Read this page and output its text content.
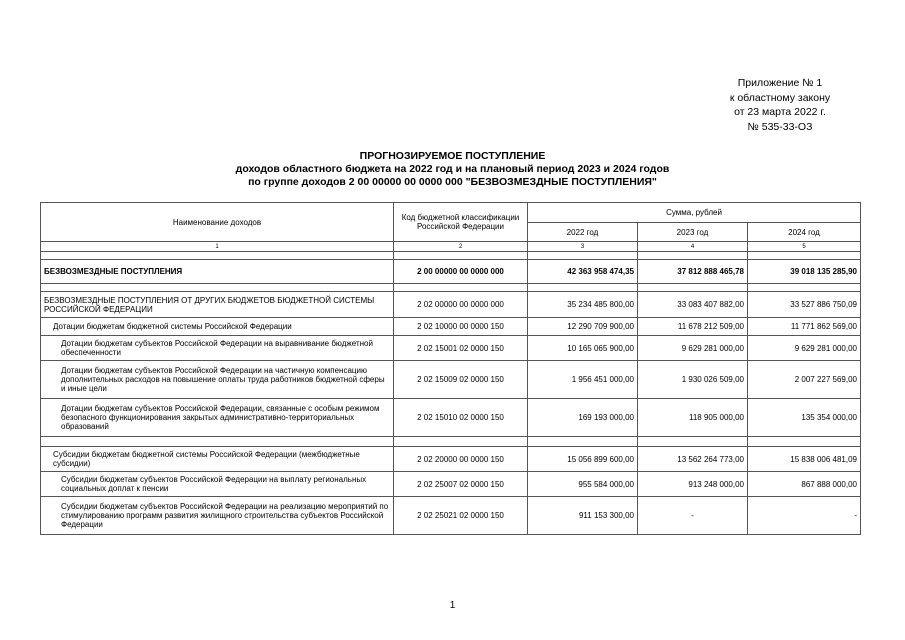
Приложение № 1
к областному закону
от 23 марта 2022 г.
№ 535-33-ОЗ
ПРОГНОЗИРУЕМОЕ ПОСТУПЛЕНИЕ
доходов областного бюджета на 2022 год и на плановый период 2023 и 2024 годов
по группе доходов 2 00 00000 00 0000 000 "БЕЗВОЗМЕЗДНЫЕ ПОСТУПЛЕНИЯ"
Наименование доходов	Код бюджетной классификации Российской Федерации	Сумма, рублей		
		2022 год	2023 год	2024 год
1	2	3	4	5

БЕЗВОЗМЕЗДНЫЕ ПОСТУПЛЕНИЯ	2 00 00000 00 0000 000	42 363 958 474,35	37 812 888 465,78	39 018 135 285,90

БЕЗВОЗМЕЗДНЫЕ ПОСТУПЛЕНИЯ ОТ ДРУГИХ БЮДЖЕТОВ БЮДЖЕТНОЙ СИСТЕМЫ РОССИЙСКОЙ ФЕДЕРАЦИИ	2 02 00000 00 0000 000	35 234 485 800,00	33 083 407 882,00	33 527 886 750,09
Дотации бюджетам бюджетной системы Российской Федерации	2 02 10000 00 0000 150	12 290 709 900,00	11 678 212 509,00	11 771 862 569,00
Дотации бюджетам субъектов Российской Федерации на выравнивание бюджетной обеспеченности	2 02 15001 02 0000 150	10 165 065 900,00	9 629 281 000,00	9 629 281 000,00
Дотации бюджетам субъектов Российской Федерации на частичную компенсацию дополнительных расходов на повышение оплаты труда работников бюджетной сферы и иные цели	2 02 15009 02 0000 150	1 956 451 000,00	1 930 026 509,00	2 007 227 569,00
Дотации бюджетам субъектов Российской Федерации, связанные с особым режимом безопасного функционирования закрытых административно-территориальных образований	2 02 15010 02 0000 150	169 193 000,00	118 905 000,00	135 354 000,00

Субсидии бюджетам бюджетной системы Российской Федерации (межбюджетные субсидии)	2 02 20000 00 0000 150	15 056 899 600,00	13 562 264 773,00	15 838 006 481,09
Субсидии бюджетам субъектов Российской Федерации на выплату региональных социальных доплат к пенсии	2 02 25007 02 0000 150	955 584 000,00	913 248 000,00	867 888 000,00
Субсидии бюджетам субъектов Российской Федерации на реализацию мероприятий по стимулированию программ развития жилищного строительства субъектов Российской Федерации	2 02 25021 02 0000 150	911 153 300,00	-	-
1
